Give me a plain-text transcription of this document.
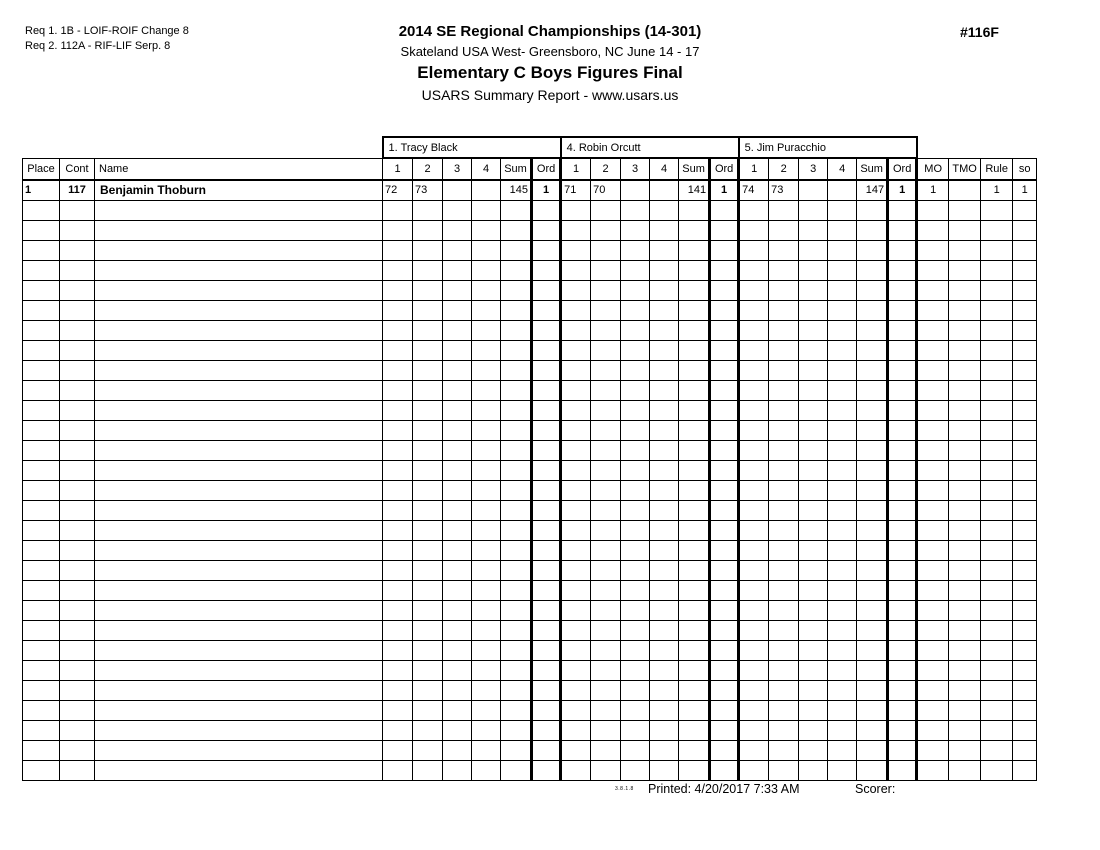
Req 1. 1B - LOIF-ROIF Change 8
Req 2. 112A - RIF-LIF Serp. 8
2014 SE Regional Championships (14-301)
Skateland USA West- Greensboro, NC June 14 - 17
Elementary C Boys Figures Final
USARS Summary Report - www.usars.us
#116F
			1. Tracy Black						4. Robin Orcutt						5. Jim Puracchio									
Place	Cont	Name	1	2	3	4	Sum	Ord	1	2	3	4	Sum	Ord	1	2	3	4	Sum	Ord	MO	TMO	Rule	so
1	117	Benjamin Thoburn	72	73			145	1	71	70			141	1	74	73			147	1	1		1	1

3.8.1.8 Printed: 4/20/2017 7:33 AM	Scorer:
